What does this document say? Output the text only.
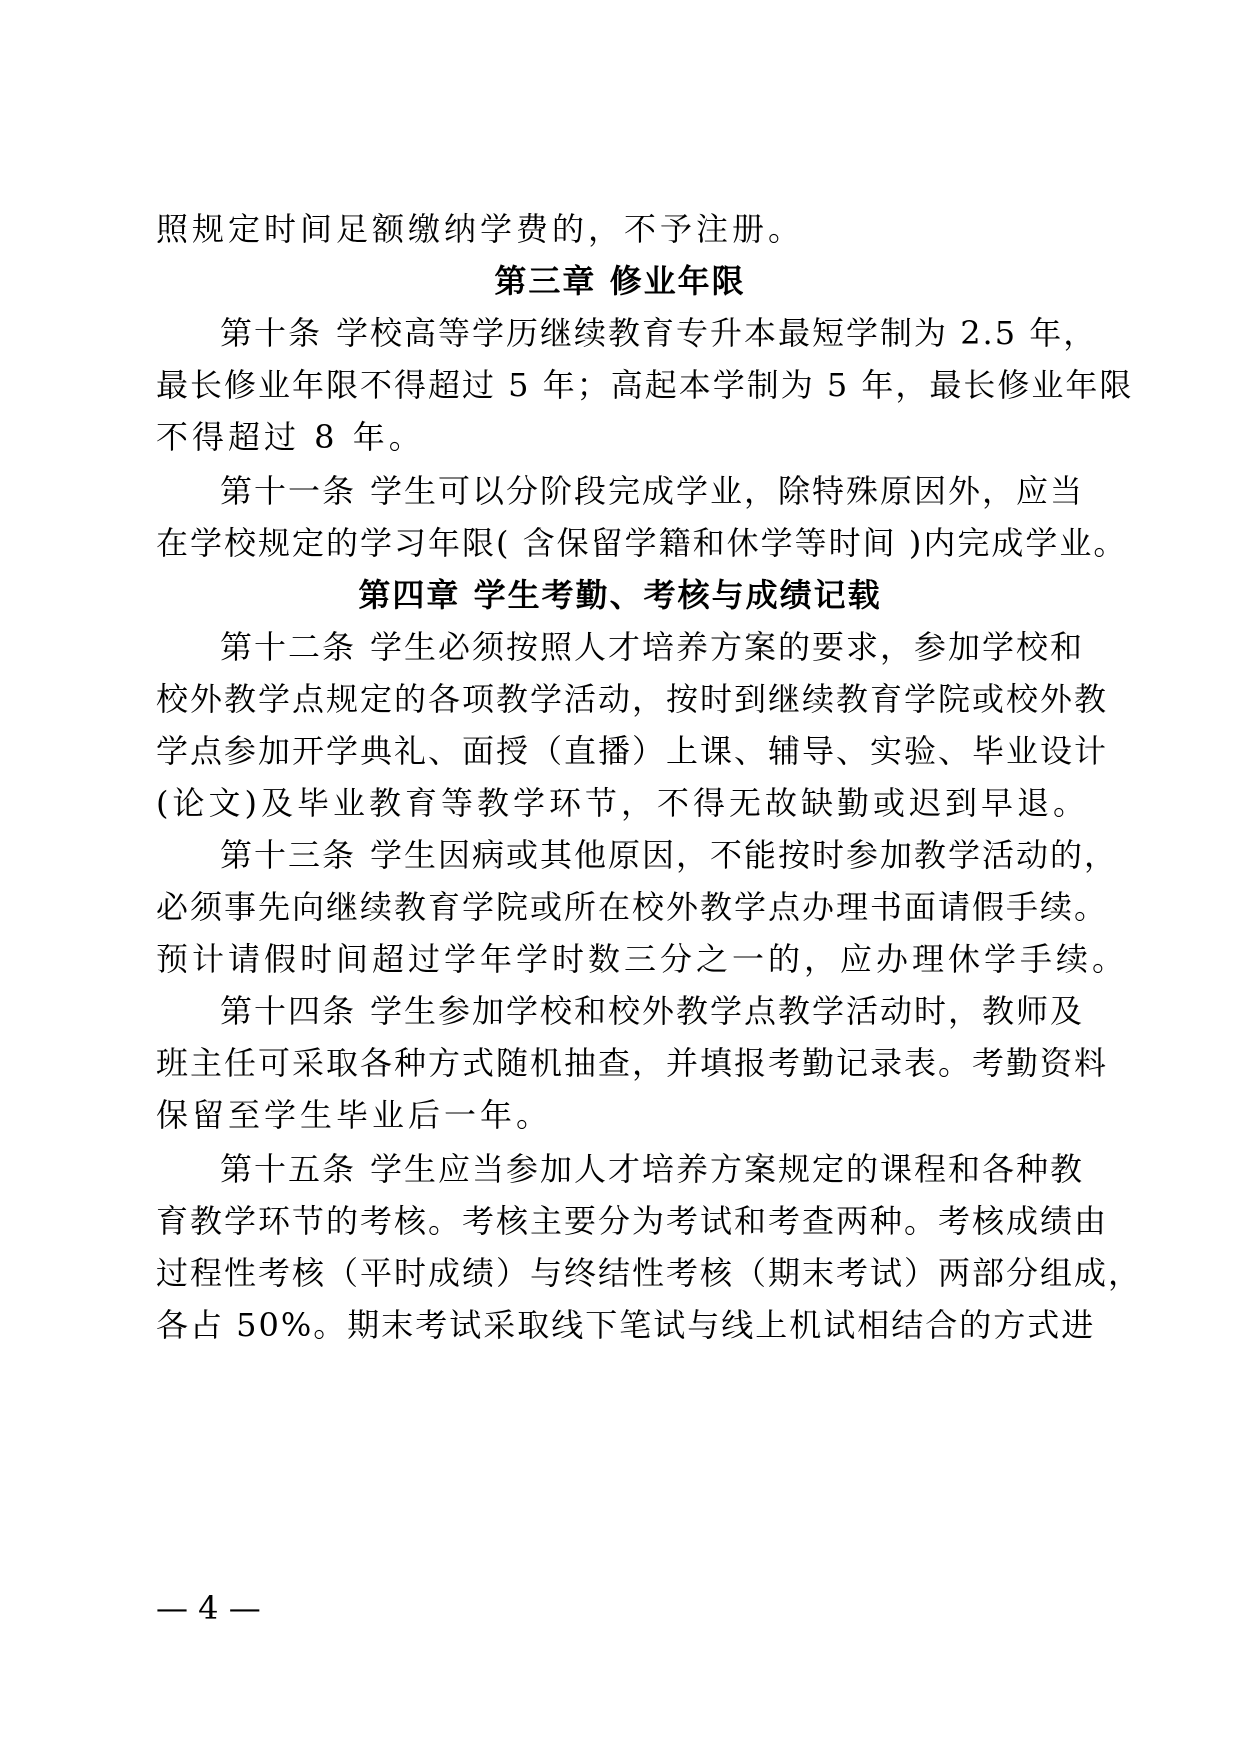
照规定时间足额缴纳学费的，不予注册。
第三章 修业年限
第十条 学校高等学历继续教育专升本最短学制为 2.5 年，
最长修业年限不得超过 5 年；高起本学制为 5 年，最长修业年限
不得超过 8 年。
第十一条 学生可以分阶段完成学业，除特殊原因外，应当
在学校规定的学习年限( 含保留学籍和休学等时间 )内完成学业。
第四章 学生考勤、考核与成绩记载
第十二条 学生必须按照人才培养方案的要求，参加学校和
校外教学点规定的各项教学活动，按时到继续教育学院或校外教
学点参加开学典礼、面授（直播）上课、辅导、实验、毕业设计
(论文)及毕业教育等教学环节，不得无故缺勤或迟到早退。
第十三条 学生因病或其他原因，不能按时参加教学活动的，
必须事先向继续教育学院或所在校外教学点办理书面请假手续。
预计请假时间超过学年学时数三分之一的，应办理休学手续。
第十四条 学生参加学校和校外教学点教学活动时，教师及
班主任可采取各种方式随机抽查，并填报考勤记录表。考勤资料
保留至学生毕业后一年。
第十五条 学生应当参加人才培养方案规定的课程和各种教
育教学环节的考核。考核主要分为考试和考查两种。考核成绩由
过程性考核（平时成绩）与终结性考核（期末考试）两部分组成，
各占 50%。期末考试采取线下笔试与线上机试相结合的方式进
— 4 —
